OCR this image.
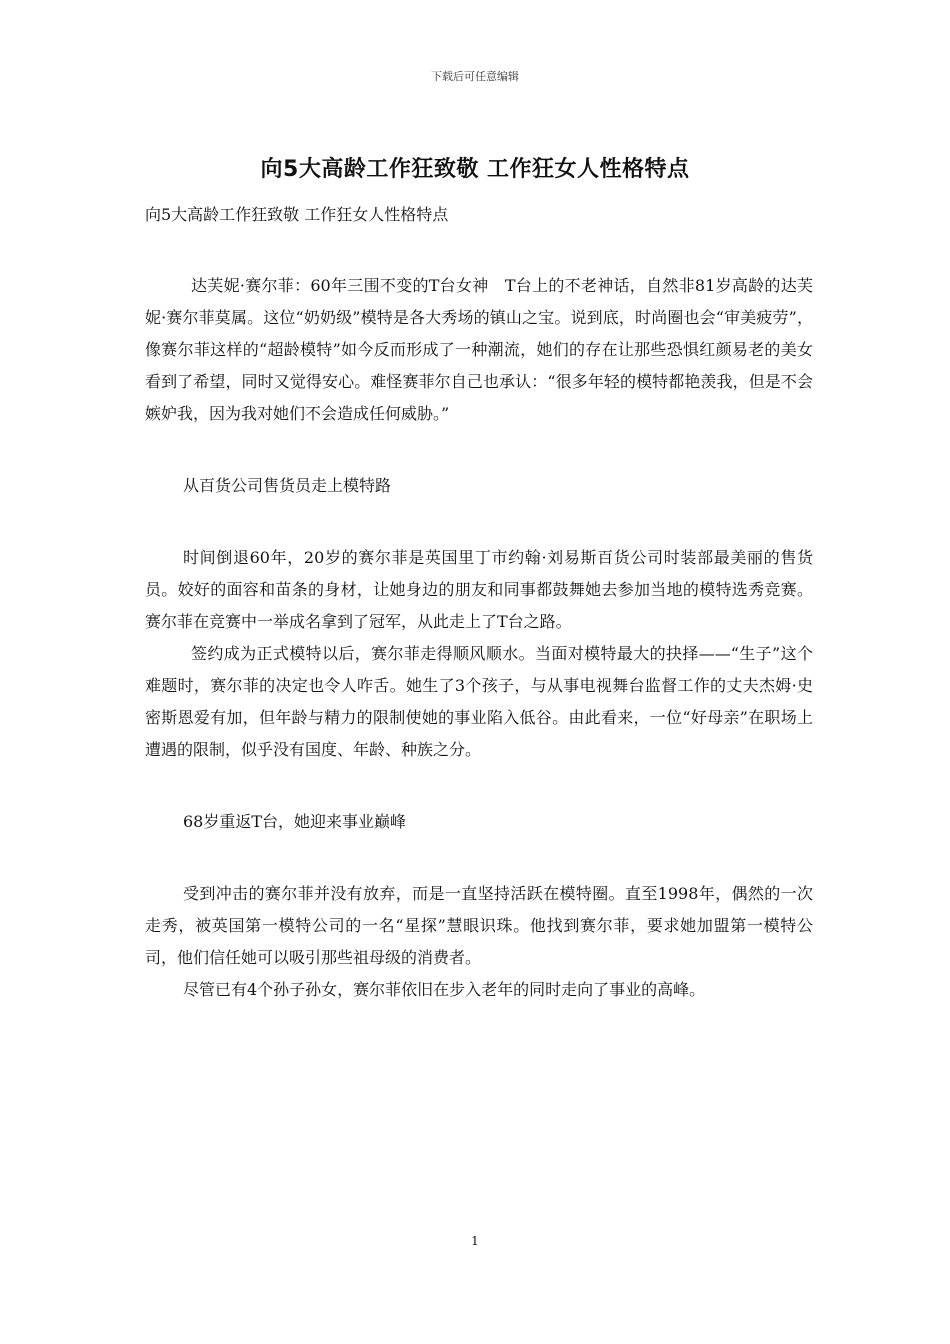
下载后可任意编辑
向5大高龄工作狂致敬 工作狂女人性格特点
向5大高龄工作狂致敬 工作狂女人性格特点

达芙妮·赛尔菲：60年三围不变的T台女神　T台上的不老神话，自然非81岁高龄的达芙妮·赛尔菲莫属。这位“奶奶级”模特是各大秀场的镇山之宝。说到底，时尚圈也会“审美疲劳”，像赛尔菲这样的“超龄模特”如今反而形成了一种潮流，她们的存在让那些恐惧红颜易老的美女看到了希望，同时又觉得安心。难怪赛菲尔自己也承认：“很多年轻的模特都艳羡我，但是不会嫉妒我，因为我对她们不会造成任何威胁。”

从百货公司售货员走上模特路

时间倒退60年，20岁的赛尔菲是英国里丁市约翰·刘易斯百货公司时装部最美丽的售货员。姣好的面容和苗条的身材，让她身边的朋友和同事都鼓舞她去参加当地的模特选秀竞赛。赛尔菲在竞赛中一举成名拿到了冠军，从此走上了T台之路。

签约成为正式模特以后，赛尔菲走得顺风顺水。当面对模特最大的抉择——“生子”这个难题时，赛尔菲的决定也令人咋舌。她生了3个孩子，与从事电视舞台监督工作的丈夫杰姆·史密斯恩爱有加，但年龄与精力的限制使她的事业陷入低谷。由此看来，一位“好母亲”在职场上遭遇的限制，似乎没有国度、年龄、种族之分。

68岁重返T台，她迎来事业巅峰

受到冲击的赛尔菲并没有放弃，而是一直坚持活跃在模特圈。直至1998年，偶然的一次走秀，被英国第一模特公司的一名“星探”慧眼识珠。他找到赛尔菲，要求她加盟第一模特公司，他们信任她可以吸引那些祖母级的消费者。

尽管已有4个孙子孙女，赛尔菲依旧在步入老年的同时走向了事业的高峰。

1
